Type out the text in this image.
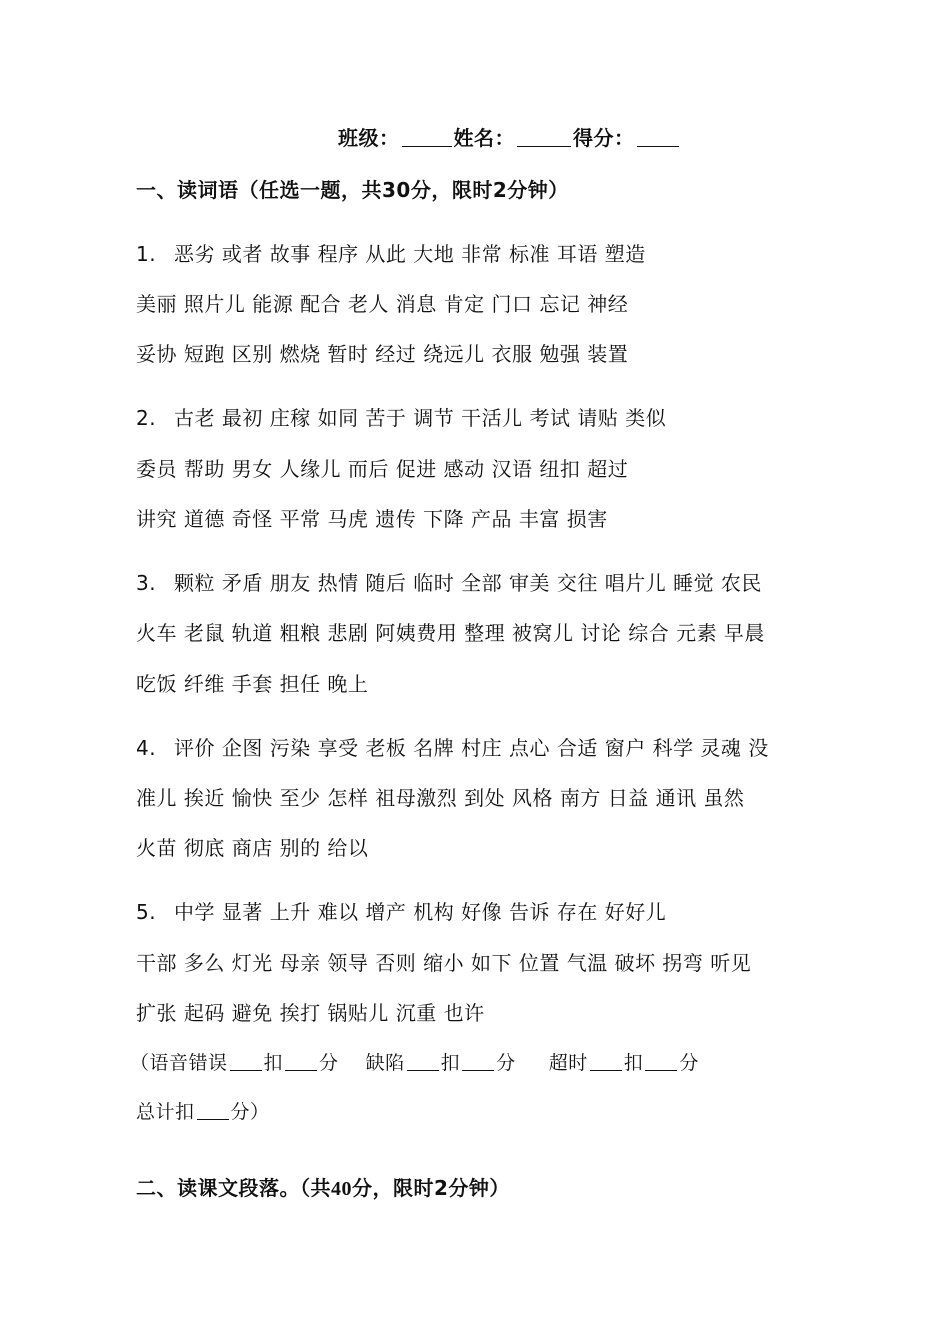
班级：	姓名：	得分：
一、读词语（任选一题，共30分，限时2分钟）
1. 恶劣 或者 故事 程序 从此 大地 非常 标准 耳语 塑造
美丽 照片儿 能源 配合 老人 消息 肯定 门口 忘记 神经
妥协 短跑 区别 燃烧 暂时 经过 绕远儿 衣服 勉强 装置
2. 古老 最初 庄稼 如同 苦于 调节 干活儿 考试 请贴 类似
委员 帮助 男女 人缘儿 而后 促进 感动 汉语 纽扣 超过
讲究 道德 奇怪 平常 马虎 遗传 下降 产品 丰富 损害
3. 颗粒 矛盾 朋友 热情 随后 临时 全部 审美 交往 唱片儿 睡觉 农民
火车 老鼠 轨道 粗粮 悲剧 阿姨费用 整理 被窝儿 讨论 综合 元素 早晨
吃饭 纤维 手套 担任 晚上
4. 评价 企图 污染 享受 老板 名牌 村庄 点心 合适 窗户 科学 灵魂 没
准儿 挨近 愉快 至少 怎样 祖母激烈 到处 风格 南方 日益 通讯 虽然
火苗 彻底 商店 别的 给以
5. 中学 显著 上升 难以 增产 机构 好像 告诉 存在 好好儿
干部 多么 灯光 母亲 领导 否则 缩小 如下 位置 气温 破坏 拐弯 听见
扩张 起码 避免 挨打 锅贴儿 沉重 也许
（语音错误 扣 分 缺陷 扣 分 超时 扣 分
总计扣 分）
二、读课文段落。（共40分，限时2分钟）
